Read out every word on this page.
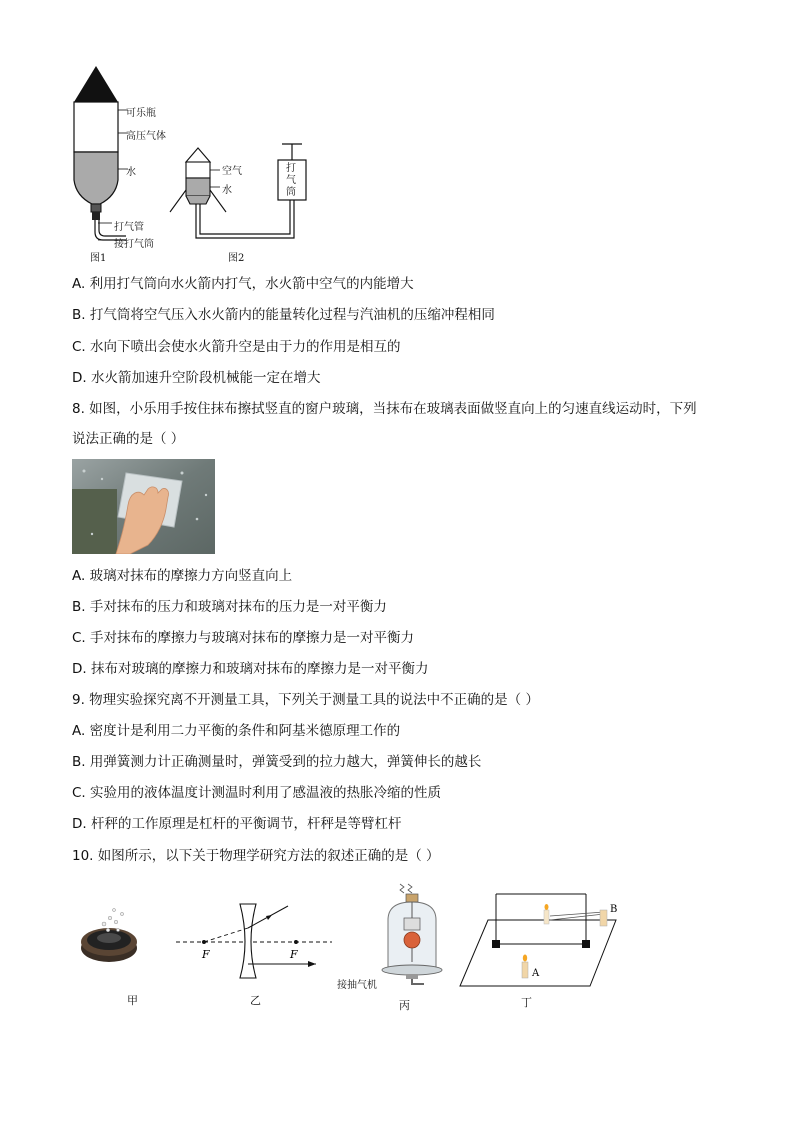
可乐瓶
高压气体
水
打气管
接打气筒
图1
空气
水
打
气
筒
图2
A. 利用打气筒向水火箭内打气，水火箭中空气的内能增大
B. 打气筒将空气压入水火箭内的能量转化过程与汽油机的压缩冲程相同
C. 水向下喷出会使水火箭升空是由于力的作用是相互的
D. 水火箭加速升空阶段机械能一定在增大
8. 如图，小乐用手按住抹布擦拭竖直的窗户玻璃，当抹布在玻璃表面做竖直向上的匀速直线运动时，下列
说法正确的是（ ）
A. 玻璃对抹布的摩擦力方向竖直向上
B. 手对抹布的压力和玻璃对抹布的压力是一对平衡力
C. 手对抹布的摩擦力与玻璃对抹布的摩擦力是一对平衡力
D. 抹布对玻璃的摩擦力和玻璃对抹布的摩擦力是一对平衡力
9. 物理实验探究离不开测量工具，下列关于测量工具的说法中不正确的是（ ）
A. 密度计是利用二力平衡的条件和阿基米德原理工作的
B. 用弹簧测力计正确测量时，弹簧受到的拉力越大，弹簧伸长的越长
C. 实验用的液体温度计测温时利用了感温液的热胀冷缩的性质
D. 杆秤的工作原理是杠杆的平衡调节，杆秤是等臂杠杆
10. 如图所示，以下关于物理学研究方法的叙述正确的是（ ）
甲
F	F
乙
接抽气机
丙
A
B
丁
